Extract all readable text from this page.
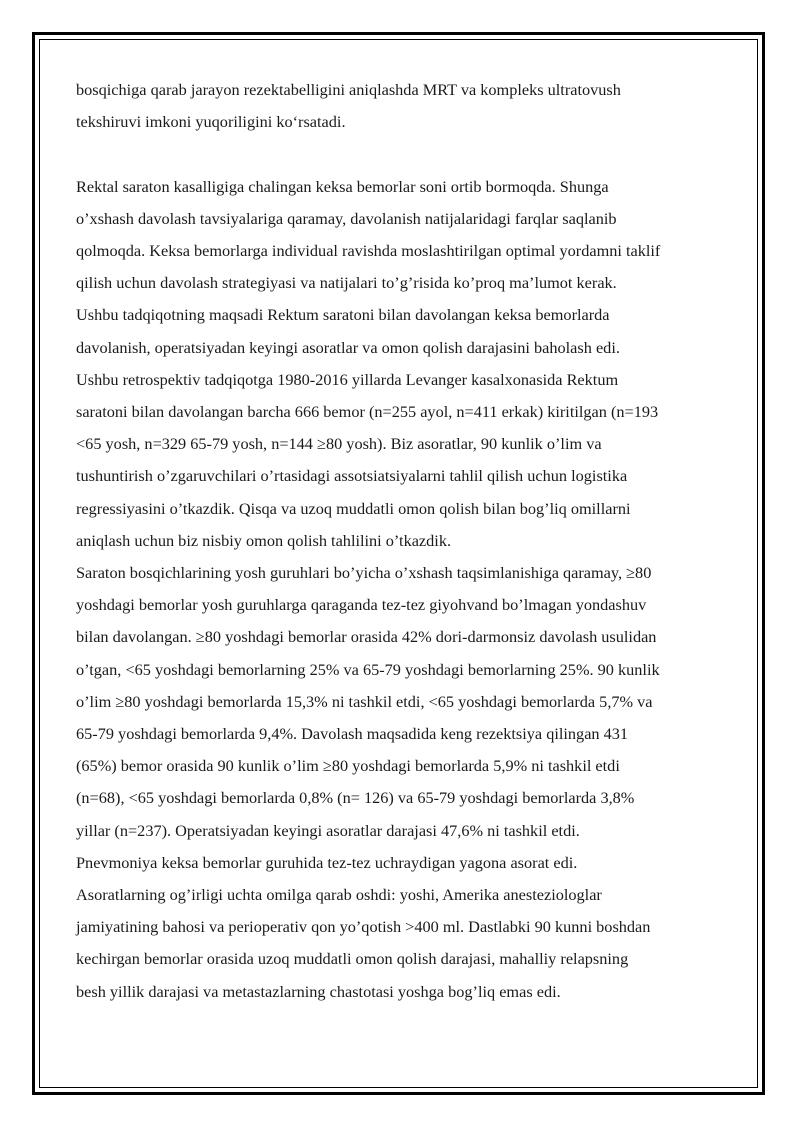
bosqichiga qarab jarayon rezektabelligini aniqlashda MRT va kompleks ultratovush
tekshiruvi imkoni yuqoriligini ko‘rsatadi.
Rektal saraton kasalligiga chalingan keksa bemorlar soni ortib bormoqda. Shunga
o’xshash davolash tavsiyalariga qaramay, davolanish natijalaridagi farqlar saqlanib
qolmoqda. Keksa bemorlarga individual ravishda moslashtirilgan optimal yordamni taklif
qilish uchun davolash strategiyasi va natijalari to’g’risida ko’proq ma’lumot kerak.
Ushbu tadqiqotning maqsadi Rektum saratoni bilan davolangan keksa bemorlarda
davolanish, operatsiyadan keyingi asoratlar va omon qolish darajasini baholash edi.
Ushbu retrospektiv tadqiqotga 1980-2016 yillarda Levanger kasalxonasida Rektum
saratoni bilan davolangan barcha 666 bemor (n=255 ayol, n=411 erkak) kiritilgan (n=193
<65 yosh, n=329 65-79 yosh, n=144 ≥80 yosh). Biz asoratlar, 90 kunlik o’lim va
tushuntirish o’zgaruvchilari o’rtasidagi assotsiatsiyalarni tahlil qilish uchun logistika
regressiyasini o’tkazdik. Qisqa va uzoq muddatli omon qolish bilan bog’liq omillarni
aniqlash uchun biz nisbiy omon qolish tahlilini o’tkazdik.
Saraton bosqichlarining yosh guruhlari bo’yicha o’xshash taqsimlanishiga qaramay, ≥80
yoshdagi bemorlar yosh guruhlarga qaraganda tez-tez giyohvand bo’lmagan yondashuv
bilan davolangan. ≥80 yoshdagi bemorlar orasida 42% dori-darmonsiz davolash usulidan
o’tgan, <65 yoshdagi bemorlarning 25% va 65-79 yoshdagi bemorlarning 25%. 90 kunlik
o’lim ≥80 yoshdagi bemorlarda 15,3% ni tashkil etdi, <65 yoshdagi bemorlarda 5,7% va
65-79 yoshdagi bemorlarda 9,4%. Davolash maqsadida keng rezektsiya qilingan 431
(65%) bemor orasida 90 kunlik o’lim ≥80 yoshdagi bemorlarda 5,9% ni tashkil etdi
(n=68), <65 yoshdagi bemorlarda 0,8% (n= 126) va 65-79 yoshdagi bemorlarda 3,8%
yillar (n=237). Operatsiyadan keyingi asoratlar darajasi 47,6% ni tashkil etdi.
Pnevmoniya keksa bemorlar guruhida tez-tez uchraydigan yagona asorat edi.
Asoratlarning og’irligi uchta omilga qarab oshdi: yoshi, Amerika anesteziologlar
jamiyatining bahosi va perioperativ qon yo’qotish >400 ml. Dastlabki 90 kunni boshdan
kechirgan bemorlar orasida uzoq muddatli omon qolish darajasi, mahalliy relapsning
besh yillik darajasi va metastazlarning chastotasi yoshga bog’liq emas edi.
